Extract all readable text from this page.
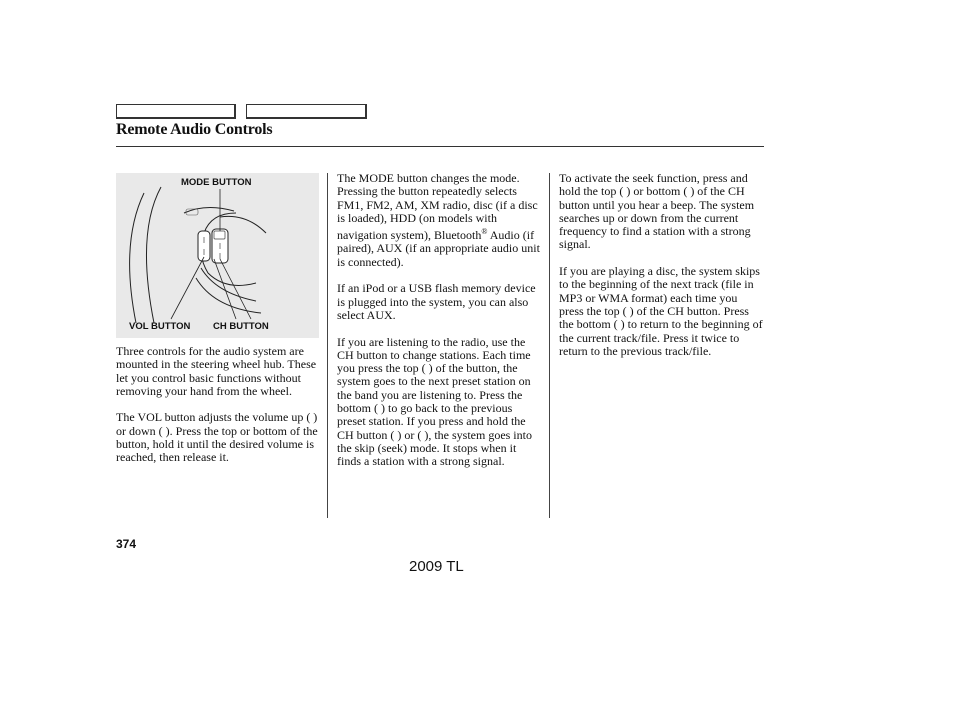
Remote Audio Controls
MODE BUTTON
VOL BUTTON CH BUTTON

Three controls for the audio system are mounted in the steering wheel hub. These let you control basic functions without removing your hand from the wheel.

The VOL button adjusts the volume up ( ) or down ( ). Press the top or bottom of the button, hold it until the desired volume is reached, then release it.

The MODE button changes the mode. Pressing the button repeatedly selects FM1, FM2, AM, XM radio, disc (if a disc is loaded), HDD (on models with navigation system), Bluetooth® Audio (if paired), AUX (if an appropriate audio unit is connected).

If an iPod or a USB flash memory device is plugged into the system, you can also select AUX.

If you are listening to the radio, use the CH button to change stations. Each time you press the top ( ) of the button, the system goes to the next preset station on the band you are listening to. Press the bottom ( ) to go back to the previous preset station. If you press and hold the CH button ( ) or ( ), the system goes into the skip (seek) mode. It stops when it finds a station with a strong signal.

To activate the seek function, press and hold the top ( ) or bottom ( ) of the CH button until you hear a beep. The system searches up or down from the current frequency to find a station with a strong signal.

If you are playing a disc, the system skips to the beginning of the next track (file in MP3 or WMA format) each time you press the top ( ) of the CH button. Press the bottom ( ) to return to the beginning of the current track/file. Press it twice to return to the previous track/file.

374
2009 TL
